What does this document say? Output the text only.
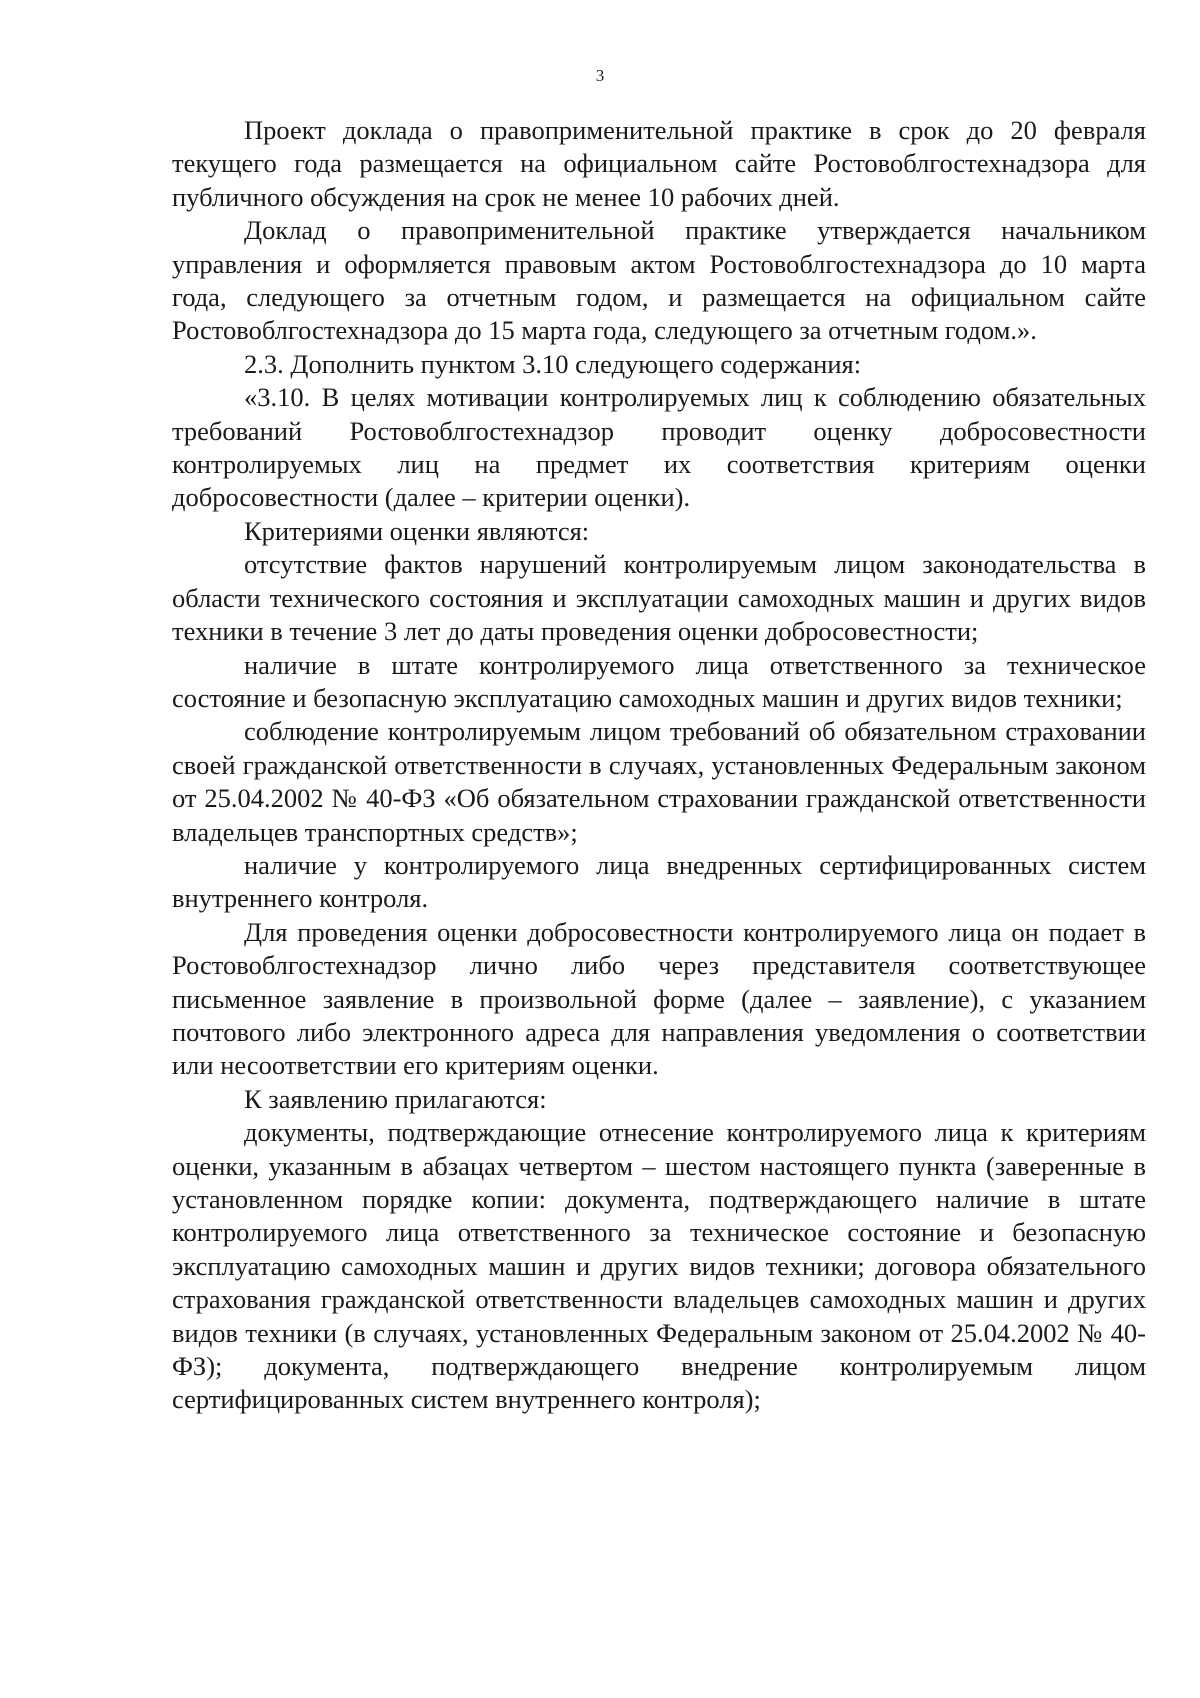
3

Проект доклада о правоприменительной практике в срок до 20 февраля текущего года размещается на официальном сайте Ростовоблгостехнадзора для публичного обсуждения на срок не менее 10 рабочих дней.

Доклад о правоприменительной практике утверждается начальником управления и оформляется правовым актом Ростовоблгостехнадзора до 10 марта года, следующего за отчетным годом, и размещается на официальном сайте Ростовоблгостехнадзора до 15 марта года, следующего за отчетным годом.».

2.3. Дополнить пунктом 3.10 следующего содержания:

«3.10. В целях мотивации контролируемых лиц к соблюдению обязательных требований Ростовоблгостехнадзор проводит оценку добросовестности контролируемых лиц на предмет их соответствия критериям оценки добросовестности (далее – критерии оценки).

Критериями оценки являются:

отсутствие фактов нарушений контролируемым лицом законодательства в области технического состояния и эксплуатации самоходных машин и других видов техники в течение 3 лет до даты проведения оценки добросовестности;

наличие в штате контролируемого лица ответственного за техническое состояние и безопасную эксплуатацию самоходных машин и других видов техники;

соблюдение контролируемым лицом требований об обязательном страховании своей гражданской ответственности в случаях, установленных Федеральным законом от 25.04.2002 № 40-ФЗ «Об обязательном страховании гражданской ответственности владельцев транспортных средств»;

наличие у контролируемого лица внедренных сертифицированных систем внутреннего контроля.

Для проведения оценки добросовестности контролируемого лица он подает в Ростовоблгостехнадзор лично либо через представителя соответствующее письменное заявление в произвольной форме (далее – заявление), с указанием почтового либо электронного адреса для направления уведомления о соответствии или несоответствии его критериям оценки.

К заявлению прилагаются:

документы, подтверждающие отнесение контролируемого лица к критериям оценки, указанным в абзацах четвертом – шестом настоящего пункта (заверенные в установленном порядке копии: документа, подтверждающего наличие в штате контролируемого лица ответственного за техническое состояние и безопасную эксплуатацию самоходных машин и других видов техники; договора обязательного страхования гражданской ответственности владельцев самоходных машин и других видов техники (в случаях, установленных Федеральным законом от 25.04.2002 № 40-ФЗ); документа, подтверждающего внедрение контролируемым лицом сертифицированных систем внутреннего контроля);
